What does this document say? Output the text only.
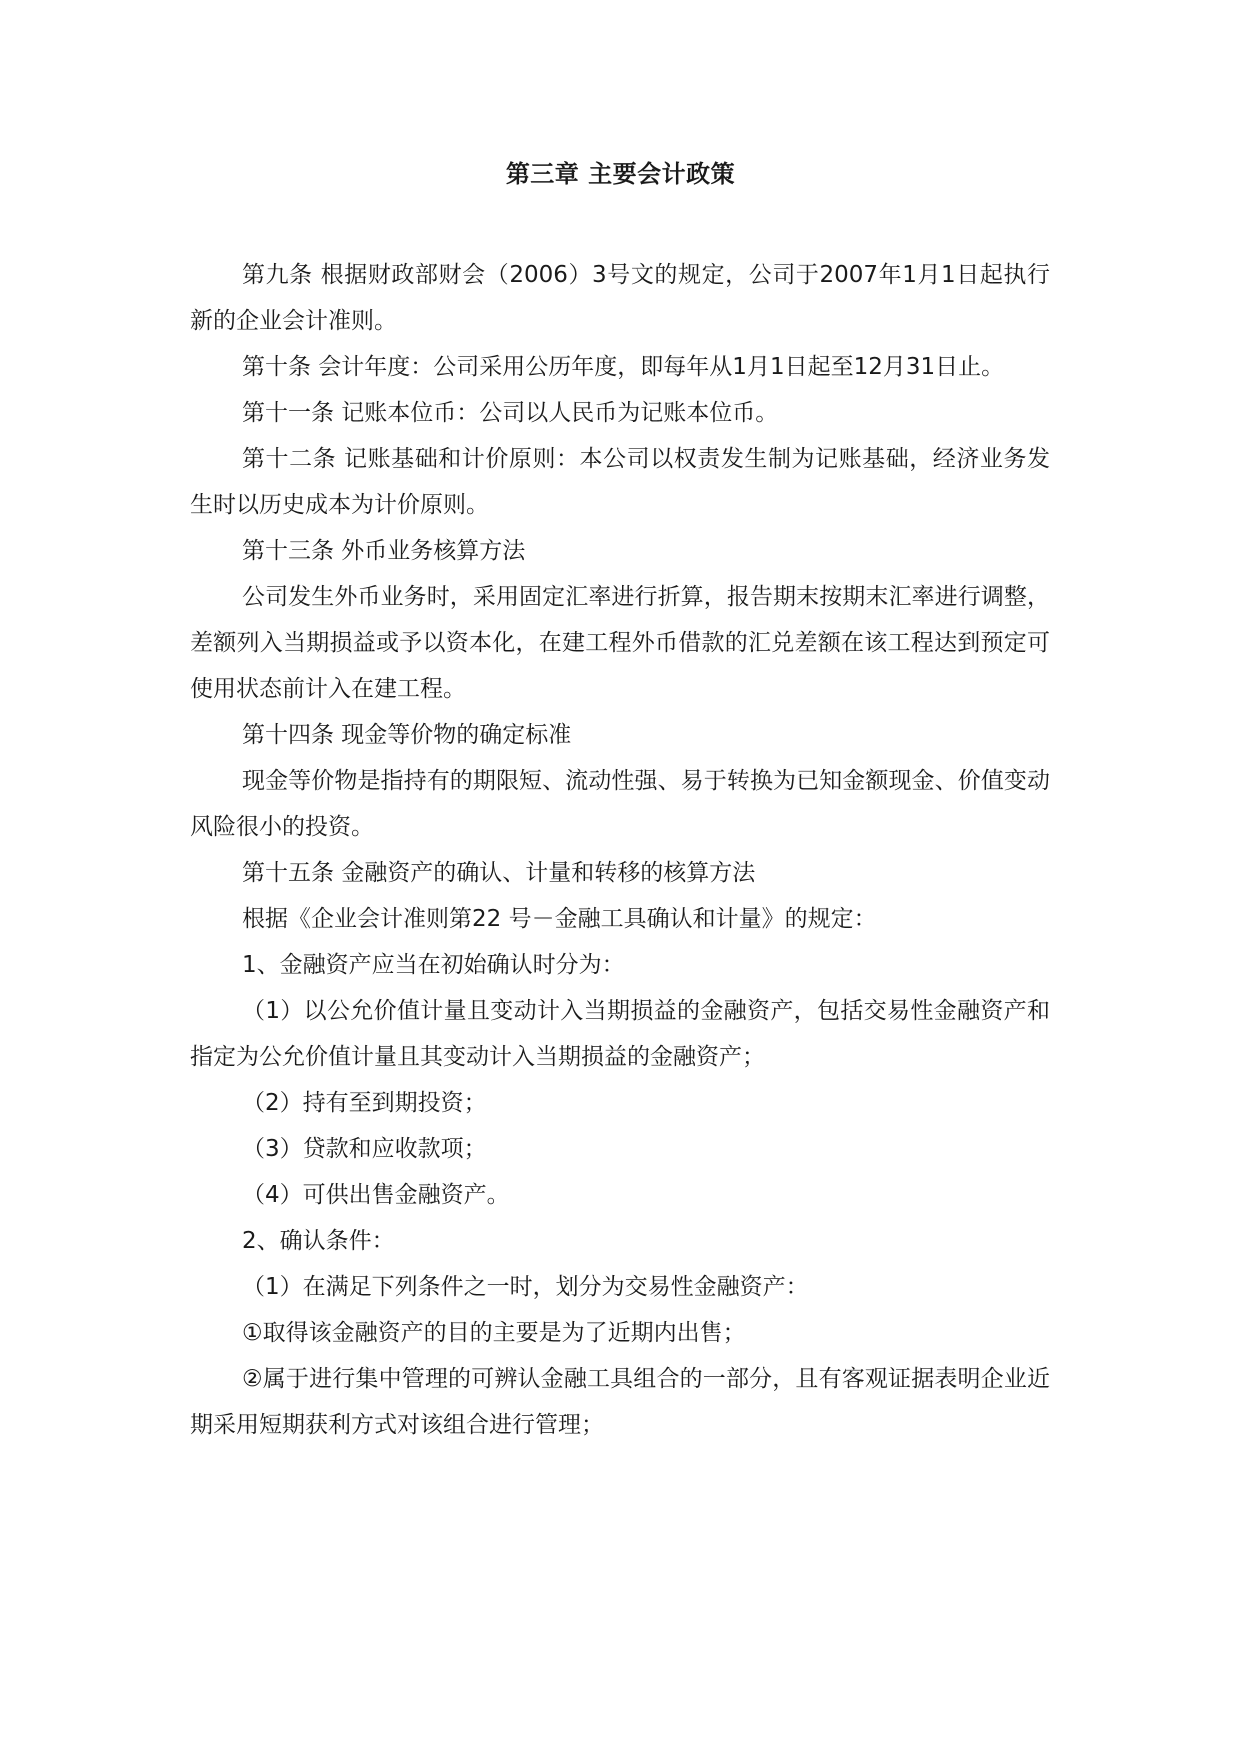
第三章 主要会计政策

第九条 根据财政部财会（2006）3号文的规定，公司于2007年1月1日起执行新的企业会计准则。

第十条 会计年度：公司采用公历年度，即每年从1月1日起至12月31日止。

第十一条 记账本位币：公司以人民币为记账本位币。

第十二条 记账基础和计价原则：本公司以权责发生制为记账基础，经济业务发生时以历史成本为计价原则。

第十三条 外币业务核算方法

公司发生外币业务时，采用固定汇率进行折算，报告期末按期末汇率进行调整，差额列入当期损益或予以资本化，在建工程外币借款的汇兑差额在该工程达到预定可使用状态前计入在建工程。

第十四条 现金等价物的确定标准

现金等价物是指持有的期限短、流动性强、易于转换为已知金额现金、价值变动风险很小的投资。

第十五条 金融资产的确认、计量和转移的核算方法

根据《企业会计准则第22 号－金融工具确认和计量》的规定：

1、金融资产应当在初始确认时分为：

（1）以公允价值计量且变动计入当期损益的金融资产，包括交易性金融资产和指定为公允价值计量且其变动计入当期损益的金融资产；

（2）持有至到期投资；

（3）贷款和应收款项；

（4）可供出售金融资产。

2、确认条件：

（1）在满足下列条件之一时，划分为交易性金融资产：

①取得该金融资产的目的主要是为了近期内出售；

②属于进行集中管理的可辨认金融工具组合的一部分，且有客观证据表明企业近期采用短期获利方式对该组合进行管理；
